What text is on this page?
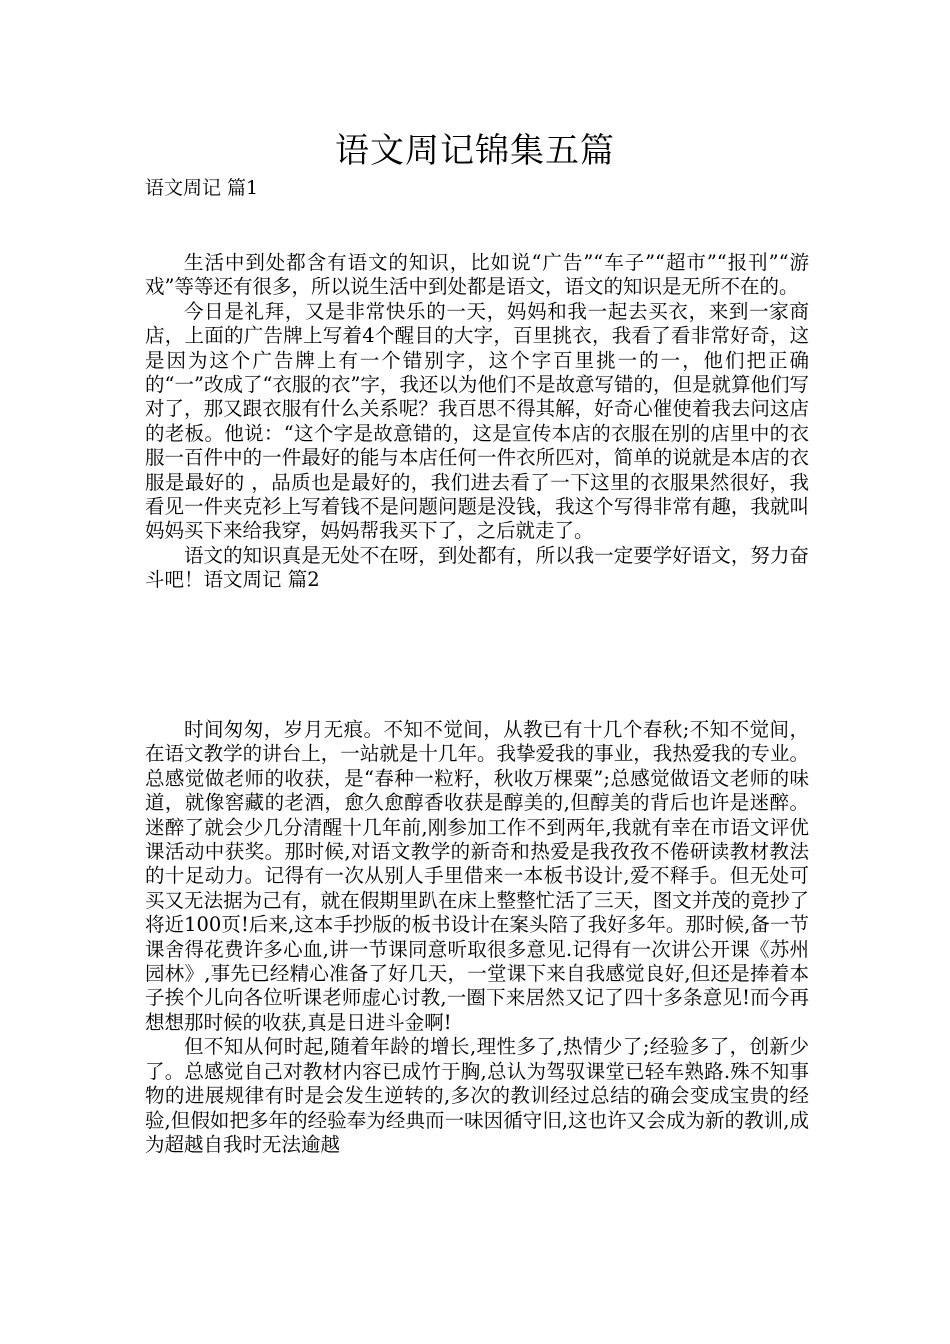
语文周记锦集五篇
语文周记 篇1

生活中到处都含有语文的知识，比如说“广告”“车子”“超市”“报刊”“游戏”等等还有很多，所以说生活中到处都是语文，语文的知识是无所不在的。

今日是礼拜，又是非常快乐的一天，妈妈和我一起去买衣，来到一家商店，上面的广告牌上写着4个醒目的大字，百里挑衣，我看了看非常好奇，这是因为这个广告牌上有一个错别字，这个字百里挑一的一，他们把正确的“一”改成了“衣服的衣”字，我还以为他们不是故意写错的，但是就算他们写对了，那又跟衣服有什么关系呢？我百思不得其解，好奇心催使着我去问这店的老板。他说：“这个字是故意错的，这是宣传本店的衣服在别的店里中的衣服一百件中的一件最好的能与本店任何一件衣所匹对，简单的说就是本店的衣服是最好的 ，品质也是最好的，我们进去看了一下这里的衣服果然很好，我看见一件夹克衫上写着钱不是问题问题是没钱，我这个写得非常有趣，我就叫妈妈买下来给我穿，妈妈帮我买下了，之后就走了。

语文的知识真是无处不在呀，到处都有，所以我一定要学好语文，努力奋斗吧！语文周记 篇2

时间匆匆，岁月无痕。不知不觉间，从教已有十几个春秋;不知不觉间，在语文教学的讲台上，一站就是十几年。我挚爱我的事业，我热爱我的专业。总感觉做老师的收获，是“春种一粒籽，秋收万棵粟”;总感觉做语文老师的味道，就像窖藏的老酒，愈久愈醇香收获是醇美的,但醇美的背后也许是迷醉。迷醉了就会少几分清醒十几年前,刚参加工作不到两年,我就有幸在市语文评优课活动中获奖。那时候,对语文教学的新奇和热爱是我孜孜不倦研读教材教法的十足动力。记得有一次从别人手里借来一本板书设计,爱不释手。但无处可买又无法据为己有，就在假期里趴在床上整整忙活了三天，图文并茂的竟抄了将近100页!后来,这本手抄版的板书设计在案头陪了我好多年。那时候,备一节课舍得花费许多心血,讲一节课同意听取很多意见.记得有一次讲公开课《苏州园林》,事先已经精心准备了好几天，一堂课下来自我感觉良好,但还是捧着本子挨个儿向各位听课老师虚心讨教,一圈下来居然又记了四十多条意见!而今再想想那时候的收获,真是日进斗金啊!

但不知从何时起,随着年龄的增长,理性多了,热情少了;经验多了，创新少了。总感觉自己对教材内容已成竹于胸,总认为驾驭课堂已轻车熟路.殊不知事物的进展规律有时是会发生逆转的,多次的教训经过总结的确会变成宝贵的经验,但假如把多年的经验奉为经典而一味因循守旧,这也许又会成为新的教训,成为超越自我时无法逾越
